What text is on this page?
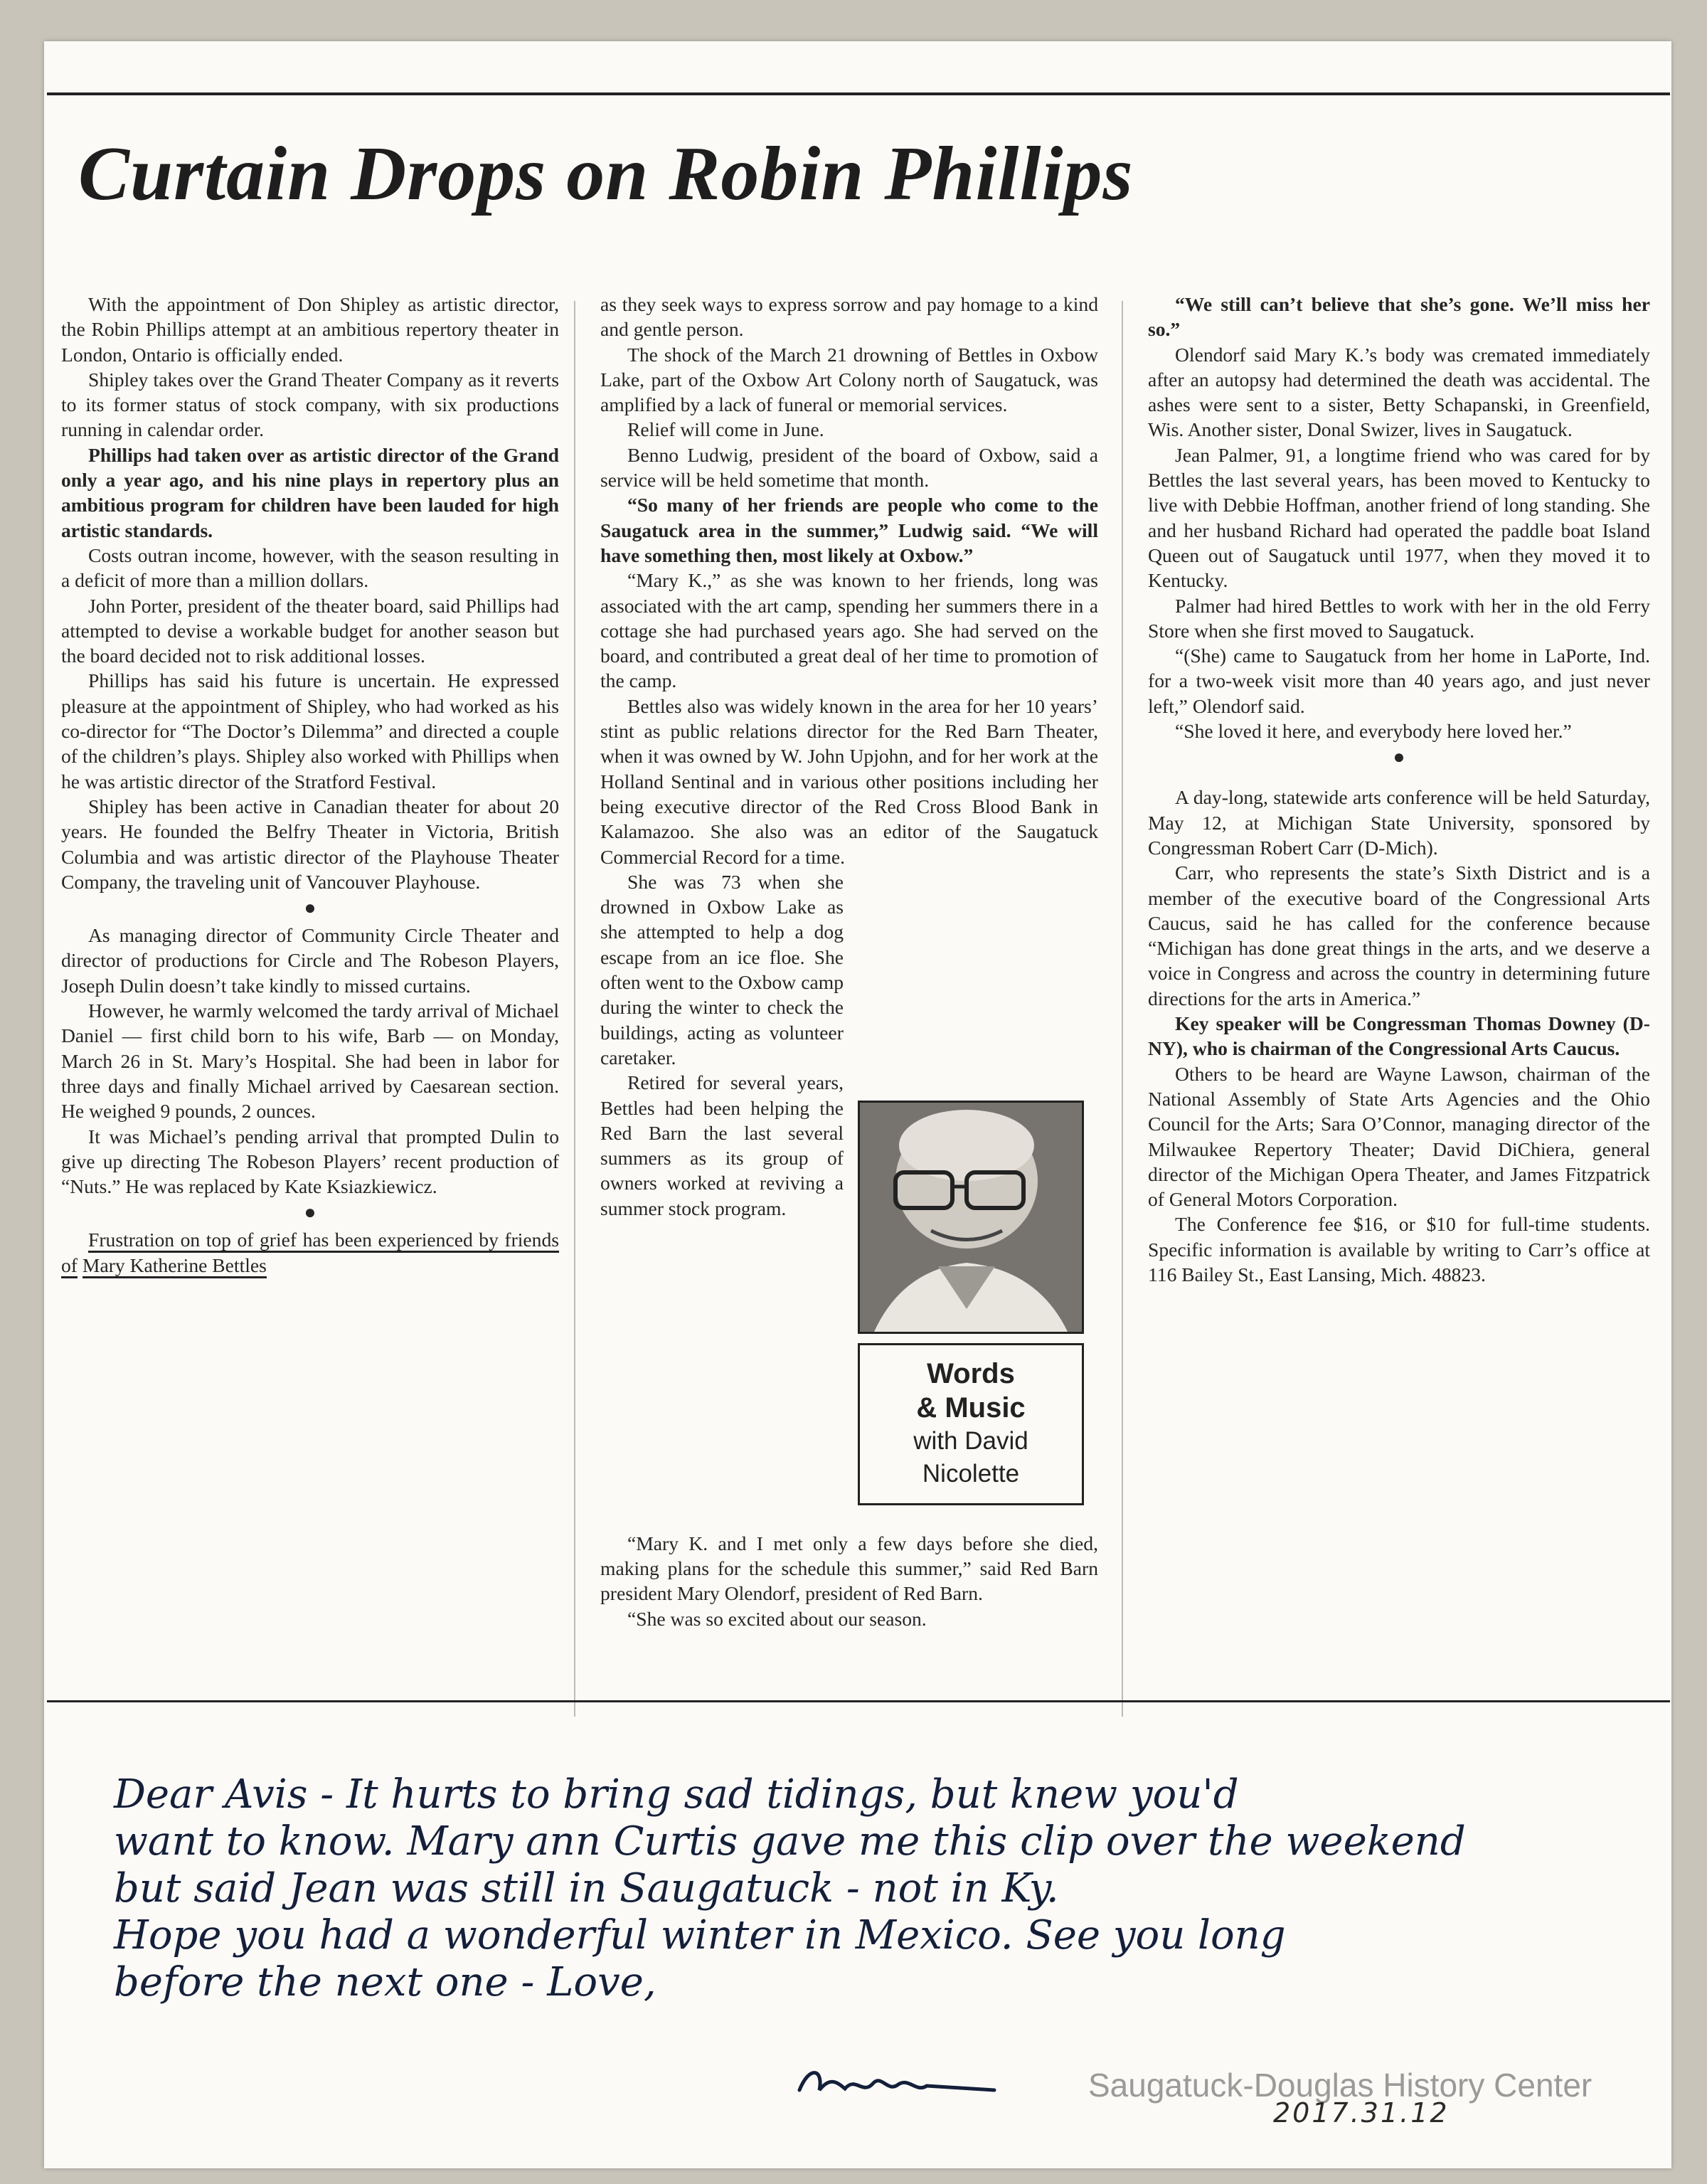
Curtain Drops on Robin Phillips

With the appointment of Don Shipley as artistic director, the Robin Phillips attempt at an ambitious repertory theater in London, Ontario is officially ended.

Shipley takes over the Grand Theater Company as it reverts to its former status of stock company, with six productions running in calendar order.

Phillips had taken over as artistic director of the Grand only a year ago, and his nine plays in repertory plus an ambitious program for children have been lauded for high artistic standards.

Costs outran income, however, with the season resulting in a deficit of more than a million dollars.

John Porter, president of the theater board, said Phillips had attempted to devise a workable budget for another season but the board decided not to risk additional losses.

Phillips has said his future is uncertain. He expressed pleasure at the appointment of Shipley, who had worked as his co-director for “The Doctor’s Dilemma” and directed a couple of the children’s plays. Shipley also worked with Phillips when he was artistic director of the Stratford Festival.

Shipley has been active in Canadian theater for about 20 years. He founded the Belfry Theater in Victoria, British Columbia and was artistic director of the Playhouse Theater Company, the traveling unit of Vancouver Playhouse.

●

As managing director of Community Circle Theater and director of productions for Circle and The Robeson Players, Joseph Dulin doesn’t take kindly to missed curtains.

However, he warmly welcomed the tardy arrival of Michael Daniel — first child born to his wife, Barb — on Monday, March 26 in St. Mary’s Hospital. She had been in labor for three days and finally Michael arrived by Caesarean section. He weighed 9 pounds, 2 ounces.

It was Michael’s pending arrival that prompted Dulin to give up directing The Robeson Players’ recent production of “Nuts.” He was replaced by Kate Ksiazkiewicz.

●

Frustration on top of grief has been experienced by friends of Mary Katherine Bettles

as they seek ways to express sorrow and pay homage to a kind and gentle person.

The shock of the March 21 drowning of Bettles in Oxbow Lake, part of the Oxbow Art Colony north of Saugatuck, was amplified by a lack of funeral or memorial services.

Relief will come in June.

Benno Ludwig, president of the board of Oxbow, said a service will be held sometime that month.

“So many of her friends are people who come to the Saugatuck area in the summer,” Ludwig said. “We will have something then, most likely at Oxbow.”

“Mary K.,” as she was known to her friends, long was associated with the art camp, spending her summers there in a cottage she had purchased years ago. She had served on the board, and contributed a great deal of her time to promotion of the camp.

Bettles also was widely known in the area for her 10 years’ stint as public relations director for the Red Barn Theater, when it was owned by W. John Upjohn, and for her work at the Holland Sentinal and in various other positions including her being executive director of the Red Cross Blood Bank in Kalamazoo. She also was an editor of the Saugatuck Commercial Record for a time.

She was 73 when she drowned in Oxbow Lake as she attempted to help a dog escape from an ice floe. She often went to the Oxbow camp during the winter to check the buildings, acting as volunteer caretaker.

Retired for several years, Bettles had been helping the Red Barn the last several summers as its group of owners worked at reviving a summer stock program.

“Mary K. and I met only a few days before she died, making plans for the schedule this summer,” said Red Barn president Mary Olendorf, president of Red Barn.

“She was so excited about our season.

Words
& Music
with David
Nicolette

“We still can’t believe that she’s gone. We’ll miss her so.”

Olendorf said Mary K.’s body was cremated immediately after an autopsy had determined the death was accidental. The ashes were sent to a sister, Betty Schapanski, in Greenfield, Wis. Another sister, Donal Swizer, lives in Saugatuck.

Jean Palmer, 91, a longtime friend who was cared for by Bettles the last several years, has been moved to Kentucky to live with Debbie Hoffman, another friend of long standing. She and her husband Richard had operated the paddle boat Island Queen out of Saugatuck until 1977, when they moved it to Kentucky.

Palmer had hired Bettles to work with her in the old Ferry Store when she first moved to Saugatuck.

“(She) came to Saugatuck from her home in LaPorte, Ind. for a two-week visit more than 40 years ago, and just never left,” Olendorf said.

“She loved it here, and everybody here loved her.”

●

A day-long, statewide arts conference will be held Saturday, May 12, at Michigan State University, sponsored by Congressman Robert Carr (D-Mich).

Carr, who represents the state’s Sixth District and is a member of the executive board of the Congressional Arts Caucus, said he has called for the conference because “Michigan has done great things in the arts, and we deserve a voice in Congress and across the country in determining future directions for the arts in America.”

Key speaker will be Congressman Thomas Downey (D-NY), who is chairman of the Congressional Arts Caucus.

Others to be heard are Wayne Lawson, chairman of the National Assembly of State Arts Agencies and the Ohio Council for the Arts; Sara O’Connor, managing director of the Milwaukee Repertory Theater; David DiChiera, general director of the Michigan Opera Theater, and James Fitzpatrick of General Motors Corporation.

The Conference fee $16, or $10 for full-time students. Specific information is available by writing to Carr’s office at 116 Bailey St., East Lansing, Mich. 48823.

Dear Avis - It hurts to bring sad tidings, but knew you'd
want to know. Mary ann Curtis gave me this clip over the weekend
but said Jean was still in Saugatuck - not in Ky.
Hope you had a wonderful winter in Mexico. See you long
before the next one - Love,
Saugatuck-Douglas History Center
2017.31.12
